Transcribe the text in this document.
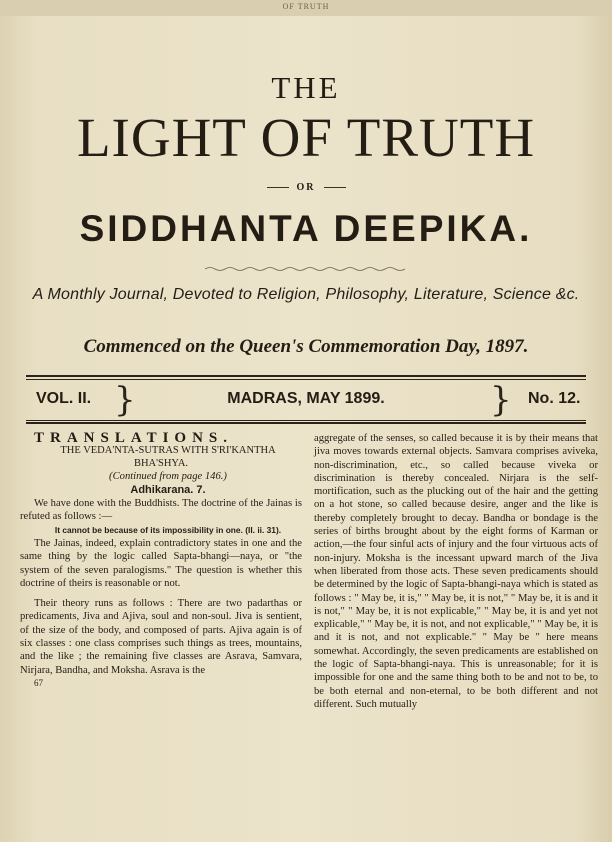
OF TRUTH
THE
LIGHT OF TRUTH
OR
SIDDHANTA DEEPIKA.
A Monthly Journal, Devoted to Religion, Philosophy, Literature, Science &c.
Commenced on the Queen's Commemoration Day, 1897.
VOL. II. }	MADRAS, MAY 1899.	} No. 12.

TRANSLATIONS.

THE VEDA'NTA-SUTRAS WITH S'RI'KANTHA BHA'SHYA.

(Continued from page 146.)

Adhikarana. 7.

We have done with the Buddhists. The doctrine of the Jainas is refuted as follows :—

It cannot be because of its impossibility in one. (II. ii. 31).

The Jainas, indeed, explain contradictory states in one and the same thing by the logic called Sapta-bhangi—naya, or "the system of the seven paralogisms." The question is whether this doctrine of theirs is reasonable or not.

Their theory runs as follows : There are two padarthas or predicaments, Jiva and Ajiva, soul and non-soul. Jiva is sentient, of the size of the body, and composed of parts. Ajiva again is of six classes : one class comprises such things as trees, mountains, and the like ; the remaining five classes are Asrava, Samvara, Nirjara, Bandha, and Moksha. Asrava is the

67

aggregate of the senses, so called because it is by their means that jiva moves towards external objects. Samvara comprises aviveka, non-discrimination, etc., so called because viveka or discrimination is thereby concealed. Nirjara is the self-mortification, such as the plucking out of the hair and the getting on a hot stone, so called because desire, anger and the like is thereby completely brought to decay. Bandha or bondage is the series of births brought about by the eight forms of Karman or action,—the four sinful acts of injury and the four virtuous acts of non-injury. Moksha is the incessant upward march of the Jiva when liberated from those acts. These seven predicaments should be determined by the logic of Sapta-bhangi-naya which is stated as follows : " May be, it is," " May be, it is not," " May be, it is and it is not," " May be, it is not explicable," " May be, it is and yet not explicable," " May be, it is not, and not explicable," " May be, it is and it is not, and not explicable." " May be " here means somewhat. Accordingly, the seven predicaments are established on the logic of Sapta-bhangi-naya. This is unreasonable; for it is impossible for one and the same thing both to be and not to be, to be both eternal and non-eternal, to be both different and not different. Such mutually
